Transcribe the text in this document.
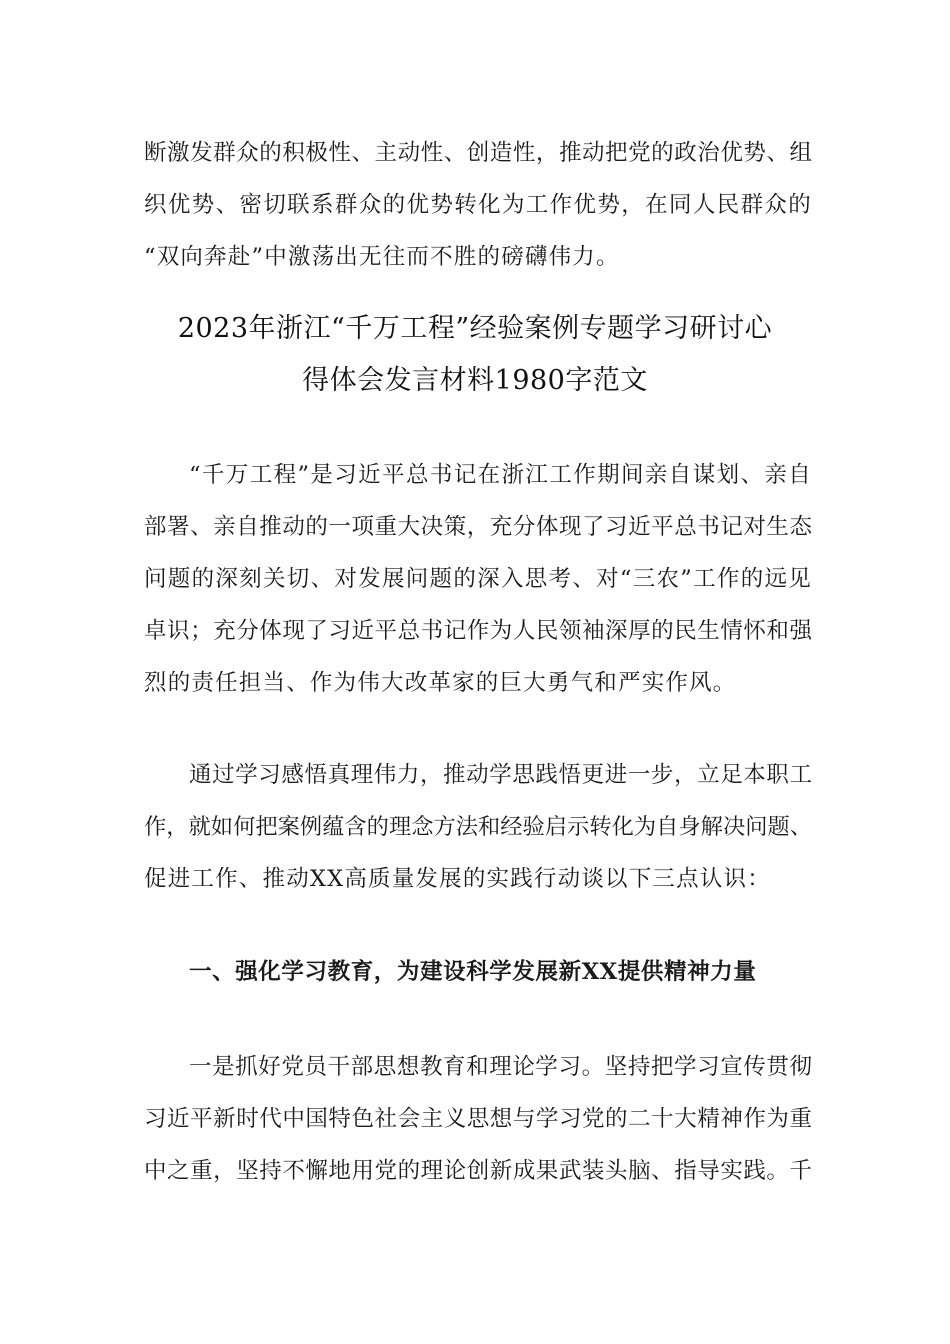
断激发群众的积极性、主动性、创造性，推动把党的政治优势、组
织优势、密切联系群众的优势转化为工作优势，在同人民群众的
“双向奔赴”中激荡出无往而不胜的磅礴伟力。
2023年浙江“千万工程”经验案例专题学习研讨心
得体会发言材料1980字范文
“千万工程”是习近平总书记在浙江工作期间亲自谋划、亲自
部署、亲自推动的一项重大决策，充分体现了习近平总书记对生态
问题的深刻关切、对发展问题的深入思考、对“三农”工作的远见
卓识；充分体现了习近平总书记作为人民领袖深厚的民生情怀和强
烈的责任担当、作为伟大改革家的巨大勇气和严实作风。
通过学习感悟真理伟力，推动学思践悟更进一步，立足本职工
作，就如何把案例蕴含的理念方法和经验启示转化为自身解决问题、
促进工作、推动XX高质量发展的实践行动谈以下三点认识：
一、强化学习教育，为建设科学发展新XX提供精神力量
一是抓好党员干部思想教育和理论学习。坚持把学习宣传贯彻
习近平新时代中国特色社会主义思想与学习党的二十大精神作为重
中之重，坚持不懈地用党的理论创新成果武装头脑、指导实践。千
